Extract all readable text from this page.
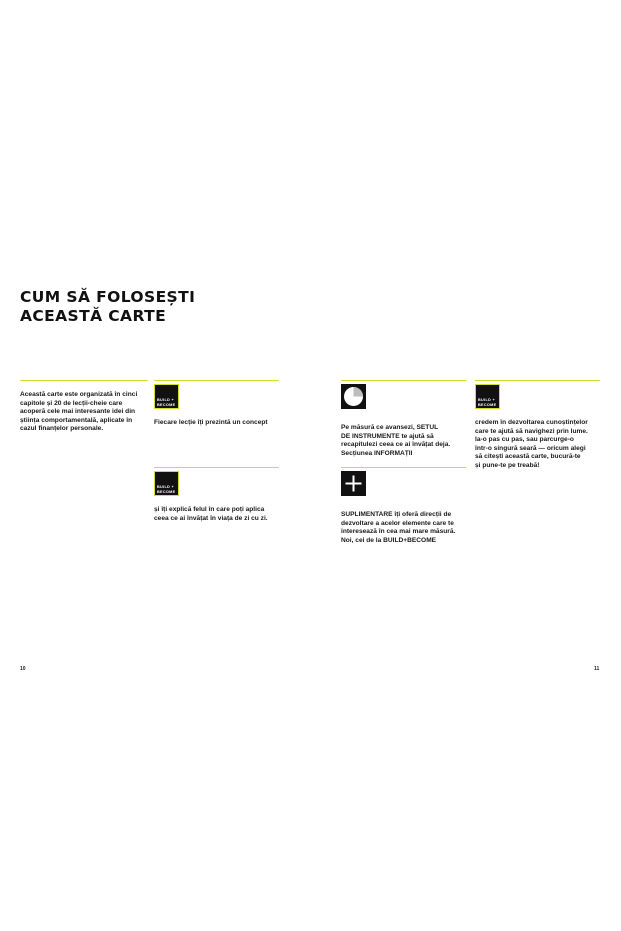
CUM SĂ FOLOSEȘTI
ACEASTĂ CARTE
Această carte este organizată în cinci
capitole și 20 de lecții-cheie care
acoperă cele mai interesante idei din
știința comportamentală, aplicate în
cazul finanțelor personale.
BUILD +
BECOME
Fiecare lecție îți prezintă un concept
BUILD +
BECOME
și îți explică felul în care poți aplica
ceea ce ai învățat în viața de zi cu zi.
Pe măsură ce avansezi, SETUL
DE INSTRUMENTE te ajută să
recapitulezi ceea ce ai învățat deja.
Secțiunea INFORMAȚII
SUPLIMENTARE îți oferă direcții de
dezvoltare a acelor elemente care te
interesează în cea mai mare măsură.
Noi, cei de la BUILD+BECOME
BUILD +
BECOME
credem în dezvoltarea cunoștințelor
care te ajută să navighezi prin lume.
Ia-o pas cu pas, sau parcurge-o
într-o singură seară — oricum alegi
să citești această carte, bucură-te
și pune-te pe treabă!
10	11
